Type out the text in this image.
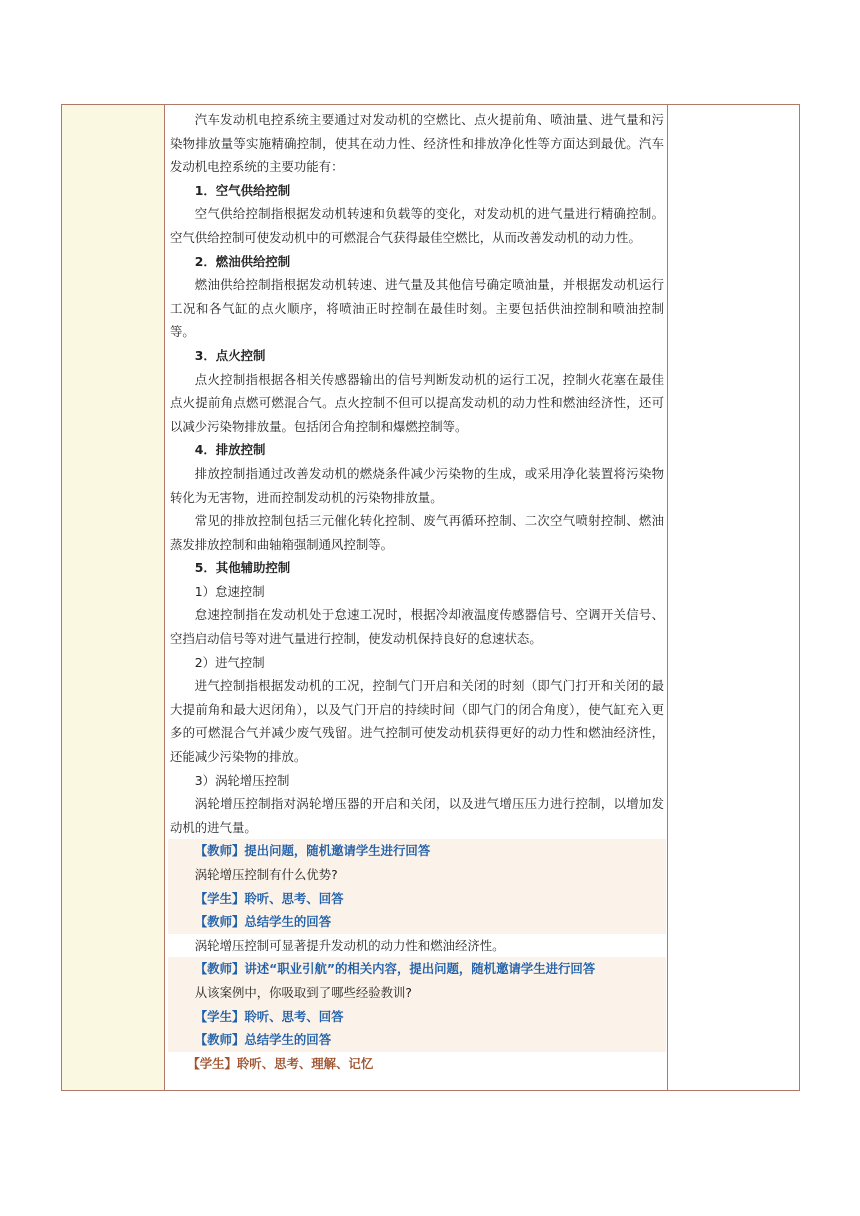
汽车发动机电控系统主要通过对发动机的空燃比、点火提前角、喷油量、进气量和污染物排放量等实施精确控制，使其在动力性、经济性和排放净化性等方面达到最优。汽车发动机电控系统的主要功能有：

1．空气供给控制

空气供给控制指根据发动机转速和负载等的变化，对发动机的进气量进行精确控制。空气供给控制可使发动机中的可燃混合气获得最佳空燃比，从而改善发动机的动力性。

2．燃油供给控制

燃油供给控制指根据发动机转速、进气量及其他信号确定喷油量，并根据发动机运行工况和各气缸的点火顺序，将喷油正时控制在最佳时刻。主要包括供油控制和喷油控制等。

3．点火控制

点火控制指根据各相关传感器输出的信号判断发动机的运行工况，控制火花塞在最佳点火提前角点燃可燃混合气。点火控制不但可以提高发动机的动力性和燃油经济性，还可以减少污染物排放量。包括闭合角控制和爆燃控制等。

4．排放控制

排放控制指通过改善发动机的燃烧条件减少污染物的生成，或采用净化装置将污染物转化为无害物，进而控制发动机的污染物排放量。

常见的排放控制包括三元催化转化控制、废气再循环控制、二次空气喷射控制、燃油蒸发排放控制和曲轴箱强制通风控制等。

5．其他辅助控制

1）怠速控制

怠速控制指在发动机处于怠速工况时，根据冷却液温度传感器信号、空调开关信号、空挡启动信号等对进气量进行控制，使发动机保持良好的怠速状态。

2）进气控制

进气控制指根据发动机的工况，控制气门开启和关闭的时刻（即气门打开和关闭的最大提前角和最大迟闭角），以及气门开启的持续时间（即气门的闭合角度），使气缸充入更多的可燃混合气并减少废气残留。进气控制可使发动机获得更好的动力性和燃油经济性，还能减少污染物的排放。

3）涡轮增压控制

涡轮增压控制指对涡轮增压器的开启和关闭，以及进气增压压力进行控制，以增加发动机的进气量。

【教师】提出问题，随机邀请学生进行回答

涡轮增压控制有什么优势?

【学生】聆听、思考、回答

【教师】总结学生的回答

涡轮增压控制可显著提升发动机的动力性和燃油经济性。

【教师】讲述“职业引航”的相关内容，提出问题，随机邀请学生进行回答

从该案例中，你吸取到了哪些经验教训?

【学生】聆听、思考、回答

【教师】总结学生的回答

【学生】聆听、思考、理解、记忆
